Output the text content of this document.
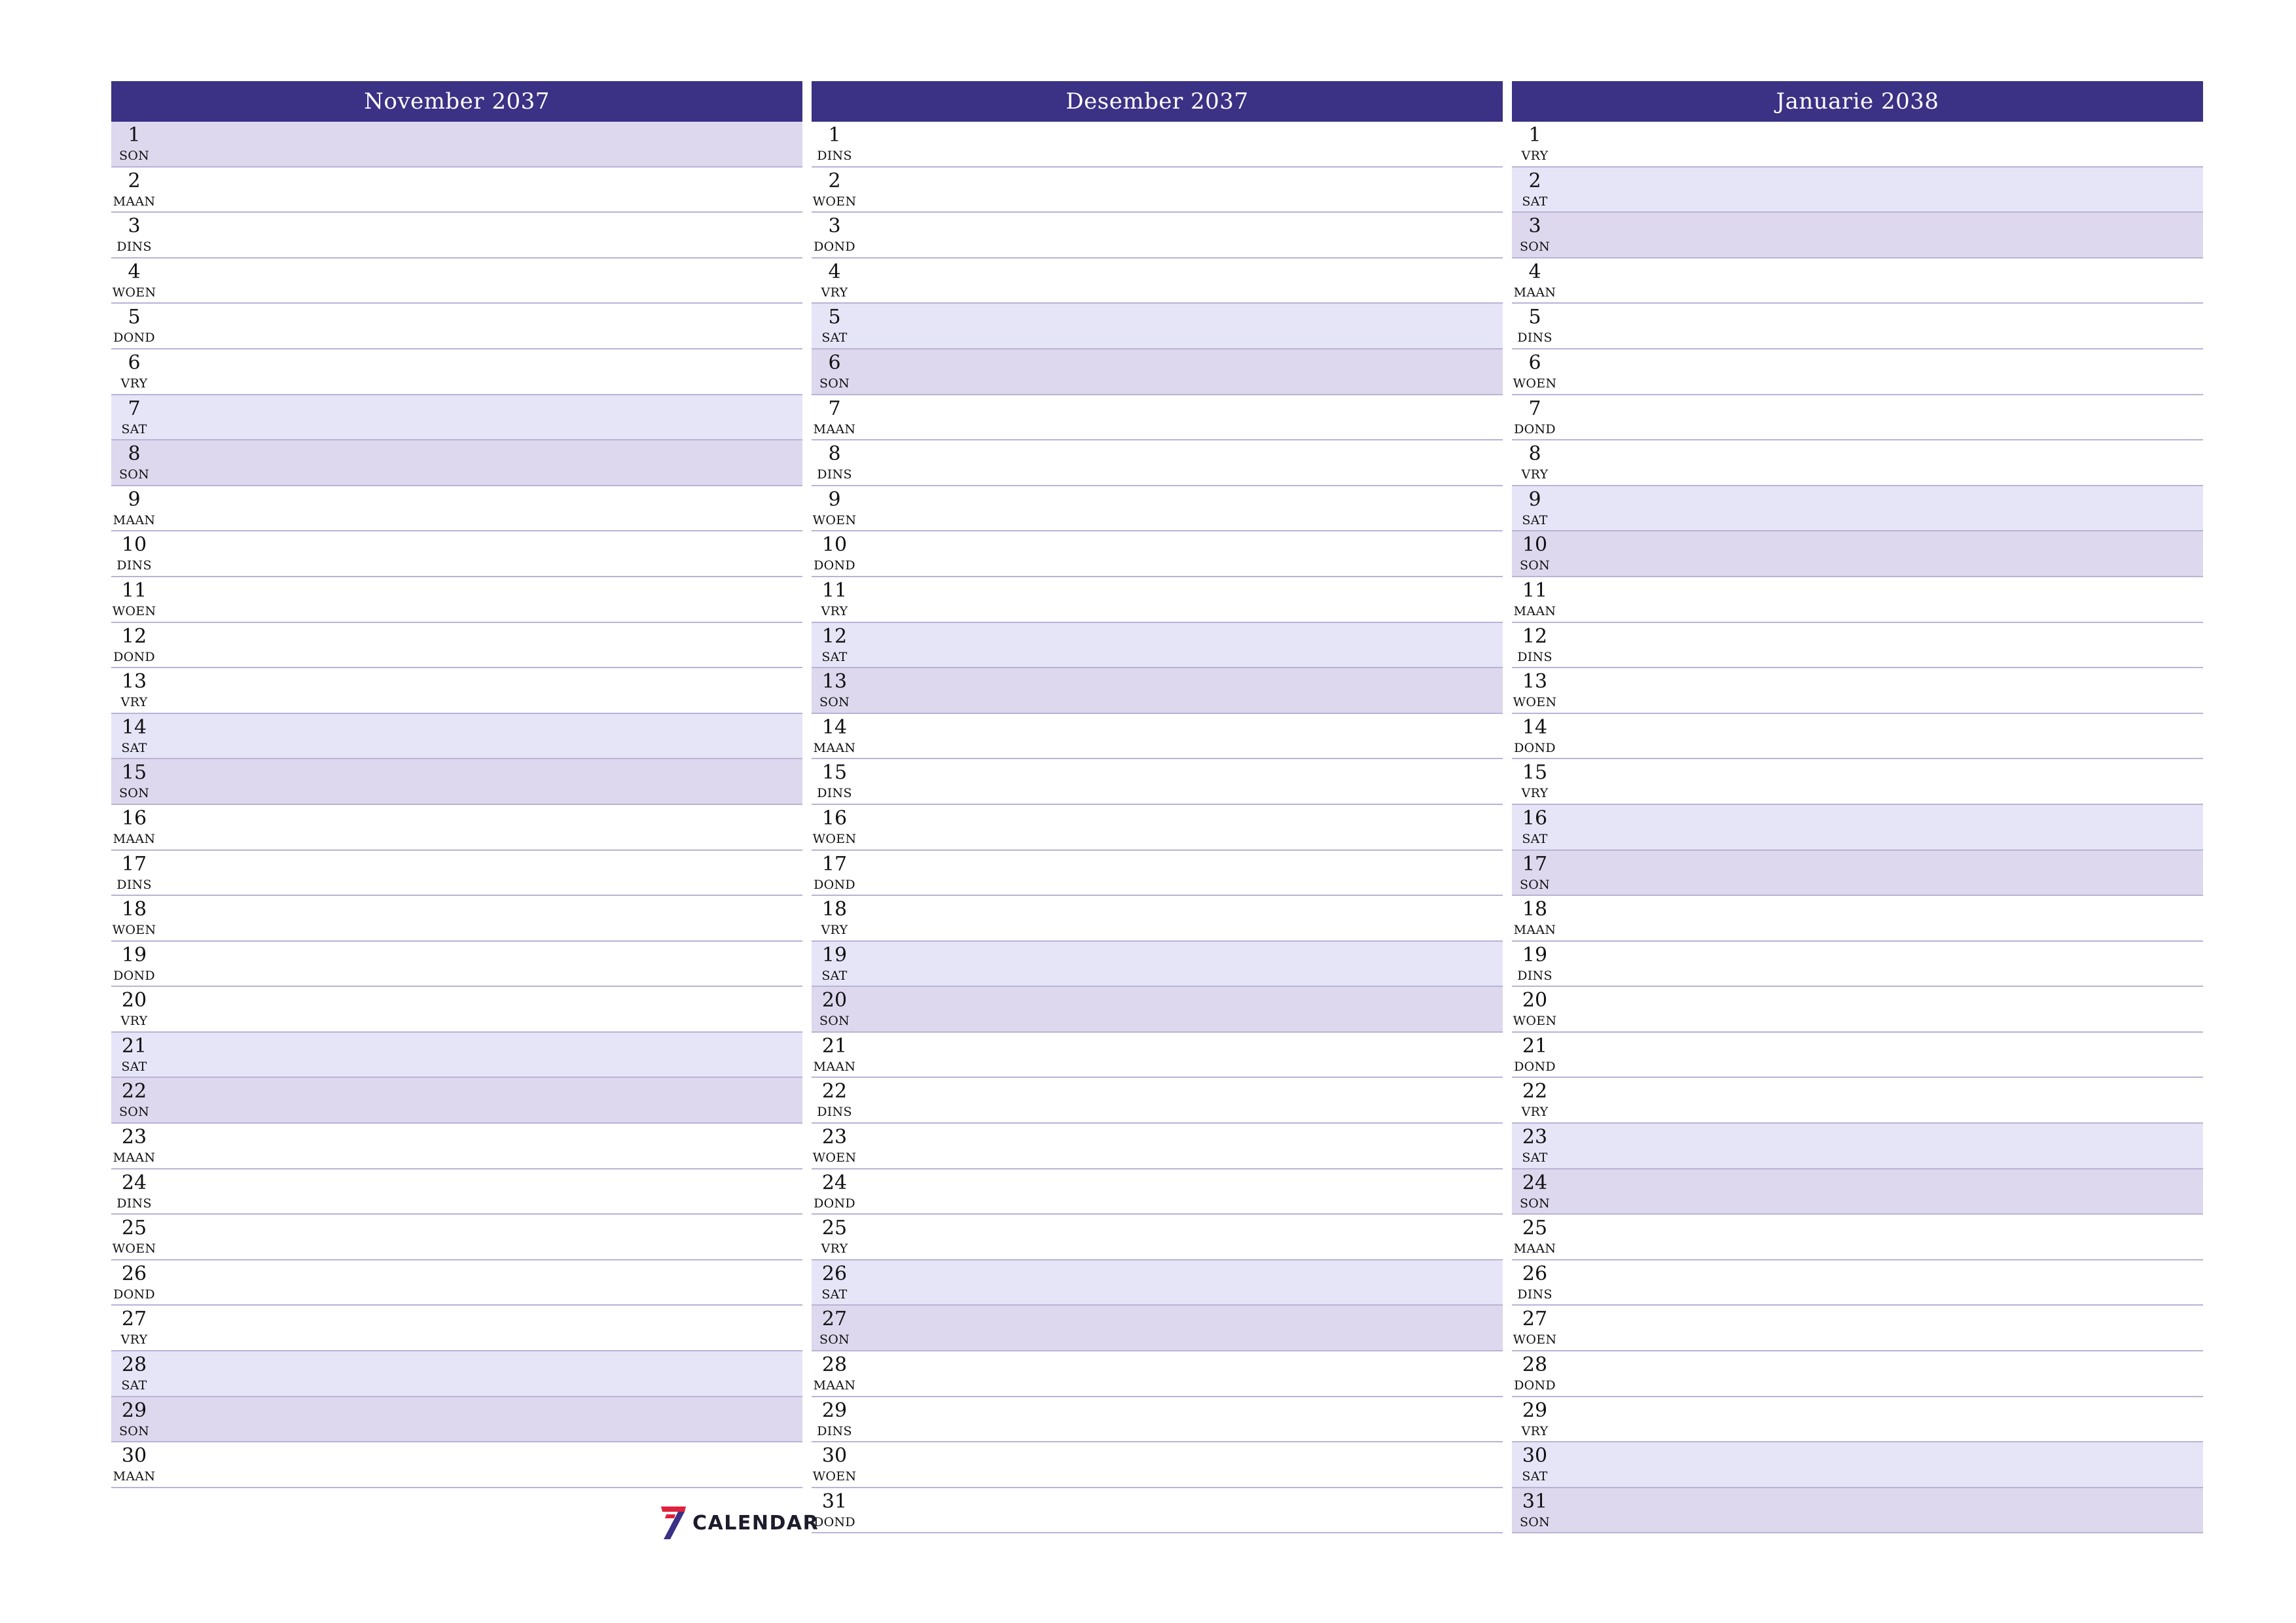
November 2037
1
SON
2
MAAN
3
DINS
4
WOEN
5
DOND
6
VRY
7
SAT
8
SON
9
MAAN
10
DINS
11
WOEN
12
DOND
13
VRY
14
SAT
15
SON
16
MAAN
17
DINS
18
WOEN
19
DOND
20
VRY
21
SAT
22
SON
23
MAAN
24
DINS
25
WOEN
26
DOND
27
VRY
28
SAT
29
SON
30
MAAN
Desember 2037
1
DINS
2
WOEN
3
DOND
4
VRY
5
SAT
6
SON
7
MAAN
8
DINS
9
WOEN
10
DOND
11
VRY
12
SAT
13
SON
14
MAAN
15
DINS
16
WOEN
17
DOND
18
VRY
19
SAT
20
SON
21
MAAN
22
DINS
23
WOEN
24
DOND
25
VRY
26
SAT
27
SON
28
MAAN
29
DINS
30
WOEN
31
DOND
Januarie 2038
1
VRY
2
SAT
3
SON
4
MAAN
5
DINS
6
WOEN
7
DOND
8
VRY
9
SAT
10
SON
11
MAAN
12
DINS
13
WOEN
14
DOND
15
VRY
16
SAT
17
SON
18
MAAN
19
DINS
20
WOEN
21
DOND
22
VRY
23
SAT
24
SON
25
MAAN
26
DINS
27
WOEN
28
DOND
29
VRY
30
SAT
31
SON
CALENDAR
